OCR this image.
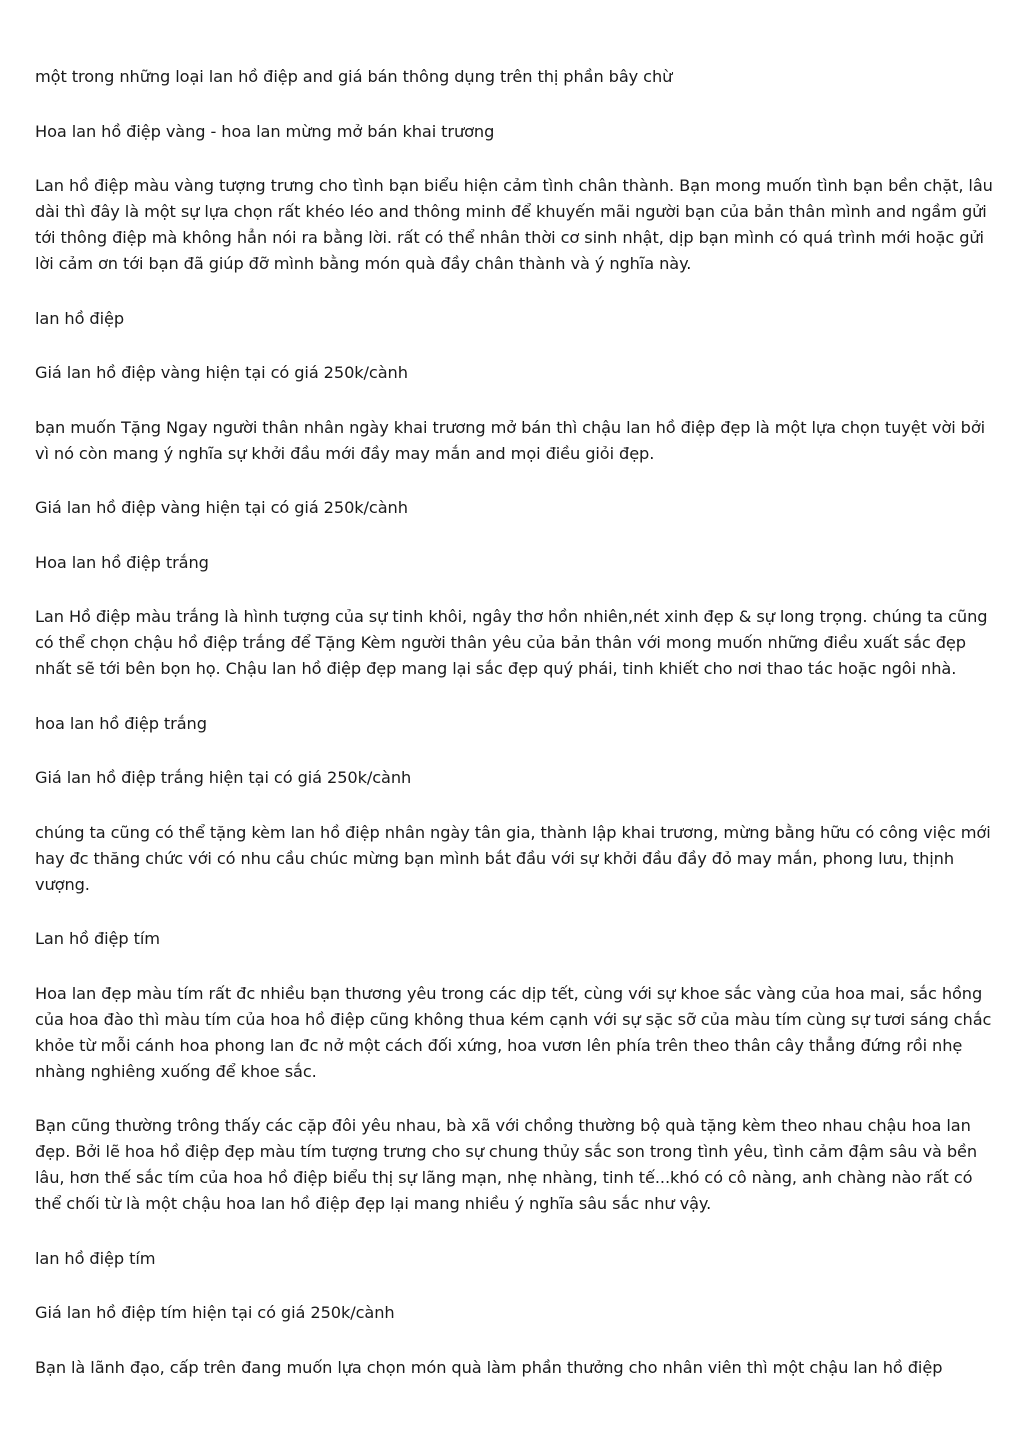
một trong những loại lan hồ điệp and giá bán thông dụng trên thị phần bây chừ

Hoa lan hồ điệp vàng - hoa lan mừng mở bán khai trương

Lan hồ điệp màu vàng tượng trưng cho tình bạn biểu hiện cảm tình chân thành. Bạn mong muốn tình bạn bền chặt, lâu dài thì đây là một sự lựa chọn rất khéo léo and thông minh để khuyến mãi người bạn của bản thân mình and ngầm gửi tới thông điệp mà không hẳn nói ra bằng lời. rất có thể nhân thời cơ sinh nhật, dịp bạn mình có quá trình mới hoặc gửi lời cảm ơn tới bạn đã giúp đỡ mình bằng món quà đầy chân thành và ý nghĩa này.

lan hồ điệp

Giá lan hồ điệp vàng hiện tại có giá 250k/cành

bạn muốn Tặng Ngay người thân nhân ngày khai trương mở bán thì chậu lan hồ điệp đẹp là một lựa chọn tuyệt vời bởi vì nó còn mang ý nghĩa sự khởi đầu mới đầy may mắn and mọi điều giỏi đẹp.

Giá lan hồ điệp vàng hiện tại có giá 250k/cành

Hoa lan hồ điệp trắng

Lan Hồ điệp màu trắng là hình tượng của sự tinh khôi, ngây thơ hồn nhiên,nét xinh đẹp & sự long trọng. chúng ta cũng có thể chọn chậu hồ điệp trắng để Tặng Kèm người thân yêu của bản thân với mong muốn những điều xuất sắc đẹp nhất sẽ tới bên bọn họ. Chậu lan hồ điệp đẹp mang lại sắc đẹp quý phái, tinh khiết cho nơi thao tác hoặc ngôi nhà.

hoa lan hồ điệp trắng

Giá lan hồ điệp trắng hiện tại có giá 250k/cành

chúng ta cũng có thể tặng kèm lan hồ điệp nhân ngày tân gia, thành lập khai trương, mừng bằng hữu có công việc mới hay đc thăng chức với có nhu cầu chúc mừng bạn mình bắt đầu với sự khởi đầu đầy đỏ may mắn, phong lưu, thịnh vượng.

Lan hồ điệp tím

Hoa lan đẹp màu tím rất đc nhiều bạn thương yêu trong các dịp tết, cùng với sự khoe sắc vàng của hoa mai, sắc hồng của hoa đào thì màu tím của hoa hồ điệp cũng không thua kém cạnh với sự sặc sỡ của màu tím cùng sự tươi sáng chắc khỏe từ mỗi cánh hoa phong lan đc nở một cách đối xứng, hoa vươn lên phía trên theo thân cây thẳng đứng rồi nhẹ nhàng nghiêng xuống để khoe sắc.

Bạn cũng thường trông thấy các cặp đôi yêu nhau, bà xã với chồng thường bộ quà tặng kèm theo nhau chậu hoa lan đẹp. Bởi lẽ hoa hồ điệp đẹp màu tím tượng trưng cho sự chung thủy sắc son trong tình yêu, tình cảm đậm sâu và bền lâu, hơn thế sắc tím của hoa hồ điệp biểu thị sự lãng mạn, nhẹ nhàng, tinh tế...khó có cô nàng, anh chàng nào rất có thể chối từ là một chậu hoa lan hồ điệp đẹp lại mang nhiều ý nghĩa sâu sắc như vậy.

lan hồ điệp tím

Giá lan hồ điệp tím hiện tại có giá 250k/cành

Bạn là lãnh đạo, cấp trên đang muốn lựa chọn món quà làm phần thưởng cho nhân viên thì một chậu lan hồ điệp
